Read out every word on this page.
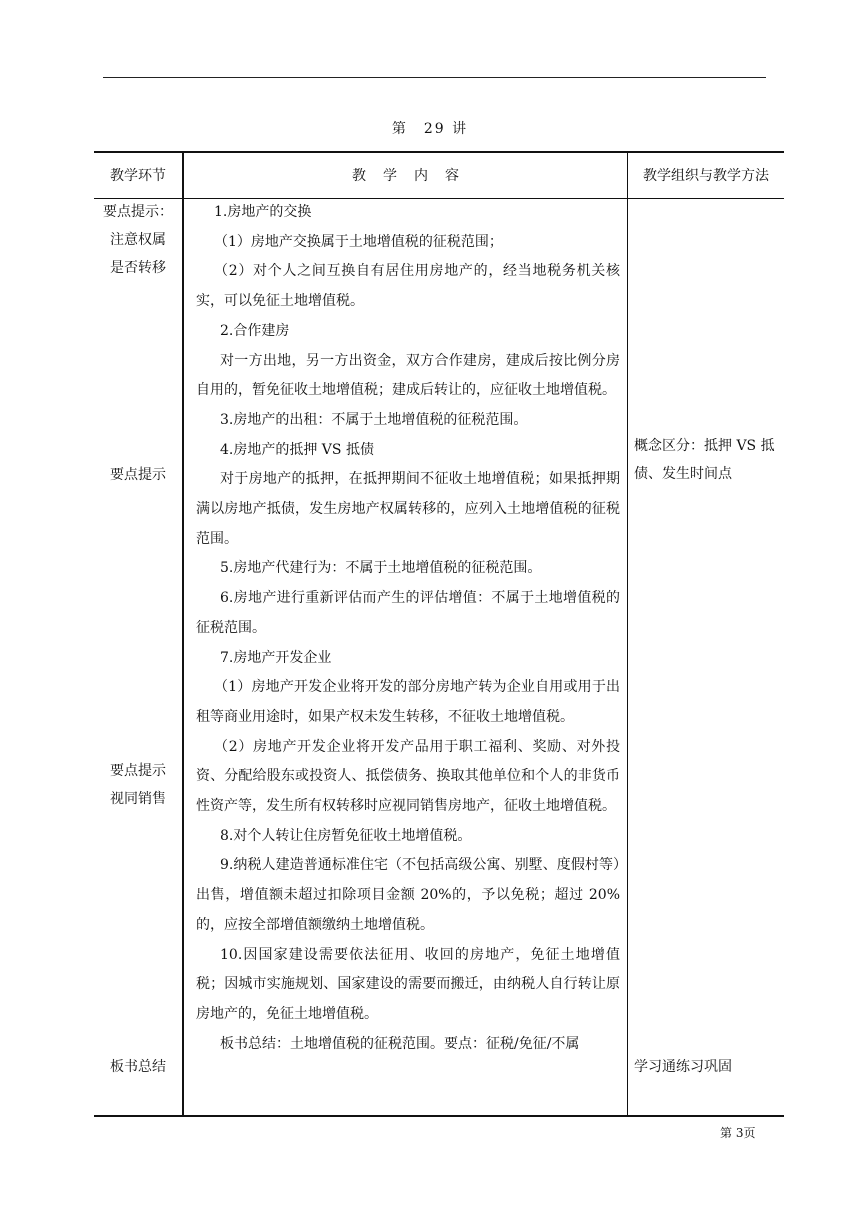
第　29 讲
教学环节	教学内容	教学组织与教学方法
要点提示：
注意权属
是否转移
要点提示
要点提示
视同销售
板书总结
概念区分：抵押 VS 抵
债、发生时间点
学习通练习巩固

1.房地产的交换

（1）房地产交换属于土地增值税的征税范围；

（2）对个人之间互换自有居住用房地产的，经当地税务机关核实，可以免征土地增值税。

2.合作建房

对一方出地，另一方出资金，双方合作建房，建成后按比例分房自用的，暂免征收土地增值税；建成后转让的，应征收土地增值税。

3.房地产的出租：不属于土地增值税的征税范围。

4.房地产的抵押 VS 抵债

对于房地产的抵押，在抵押期间不征收土地增值税；如果抵押期满以房地产抵债，发生房地产权属转移的，应列入土地增值税的征税范围。

5.房地产代建行为：不属于土地增值税的征税范围。

6.房地产进行重新评估而产生的评估增值：不属于土地增值税的征税范围。

7.房地产开发企业

（1）房地产开发企业将开发的部分房地产转为企业自用或用于出租等商业用途时，如果产权未发生转移，不征收土地增值税。

（2）房地产开发企业将开发产品用于职工福利、奖励、对外投资、分配给股东或投资人、抵偿债务、换取其他单位和个人的非货币性资产等，发生所有权转移时应视同销售房地产，征收土地增值税。

8.对个人转让住房暂免征收土地增值税。

9.纳税人建造普通标准住宅（不包括高级公寓、别墅、度假村等）出售，增值额未超过扣除项目金额 20%的，予以免税；超过 20%的，应按全部增值额缴纳土地增值税。

10.因国家建设需要依法征用、收回的房地产，免征土地增值税；因城市实施规划、国家建设的需要而搬迁，由纳税人自行转让原房地产的，免征土地增值税。

板书总结：土地增值税的征税范围。要点：征税/免征/不属

第 3页
